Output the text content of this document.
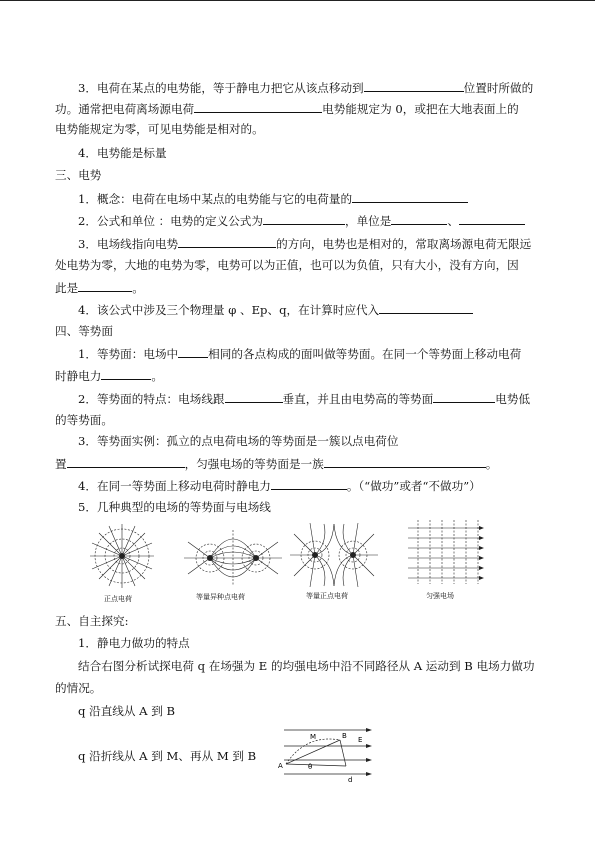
3．电荷在某点的电势能，等于静电力把它从该点移动到	位置时所做的
功。通常把电荷离场源电荷	电势能规定为 0，或把在大地表面上的
电势能规定为零，可见电势能是相对的。
4．电势能是标量
三、电势
1．概念：电荷在电场中某点的电势能与它的电荷量的
2．公式和单位 ：电势的定义公式为	，单位是	、
3．电场线指向电势	的方向，电势也是相对的，常取离场源电荷无限远
处电势为零，大地的电势为零，电势可以为正值，也可以为负值，只有大小，没有方向，因
此是	。
4．该公式中涉及三个物理量 φ 、Ep、q，在计算时应代入
四、等势面
1．等势面：电场中	相同的各点构成的面叫做等势面。在同一个等势面上移动电荷
时静电力	。
2．等势面的特点：电场线跟	垂直，并且由电势高的等势面	电势低
的等势面。
3．等势面实例：孤立的点电荷电场的等势面是一簇以点电荷位
置	，匀强电场的等势面是一族	。
4．在同一等势面上移动电荷时静电力	。（“做功”或者“不做功”）
5．几种典型的电场的等势面与电场线
正点电荷	等量异种点电荷	等量正点电荷	匀强电场
五、自主探究:
1．静电力做功的特点
结合右图分析试探电荷 q 在场强为 E 的均强电场中沿不同路径从 A 运动到 B 电场力做功
的情况。
q 沿直线从 A 到 B
q 沿折线从 A 到 M、再从 M 到 B
E
M	B
A	θ
d
